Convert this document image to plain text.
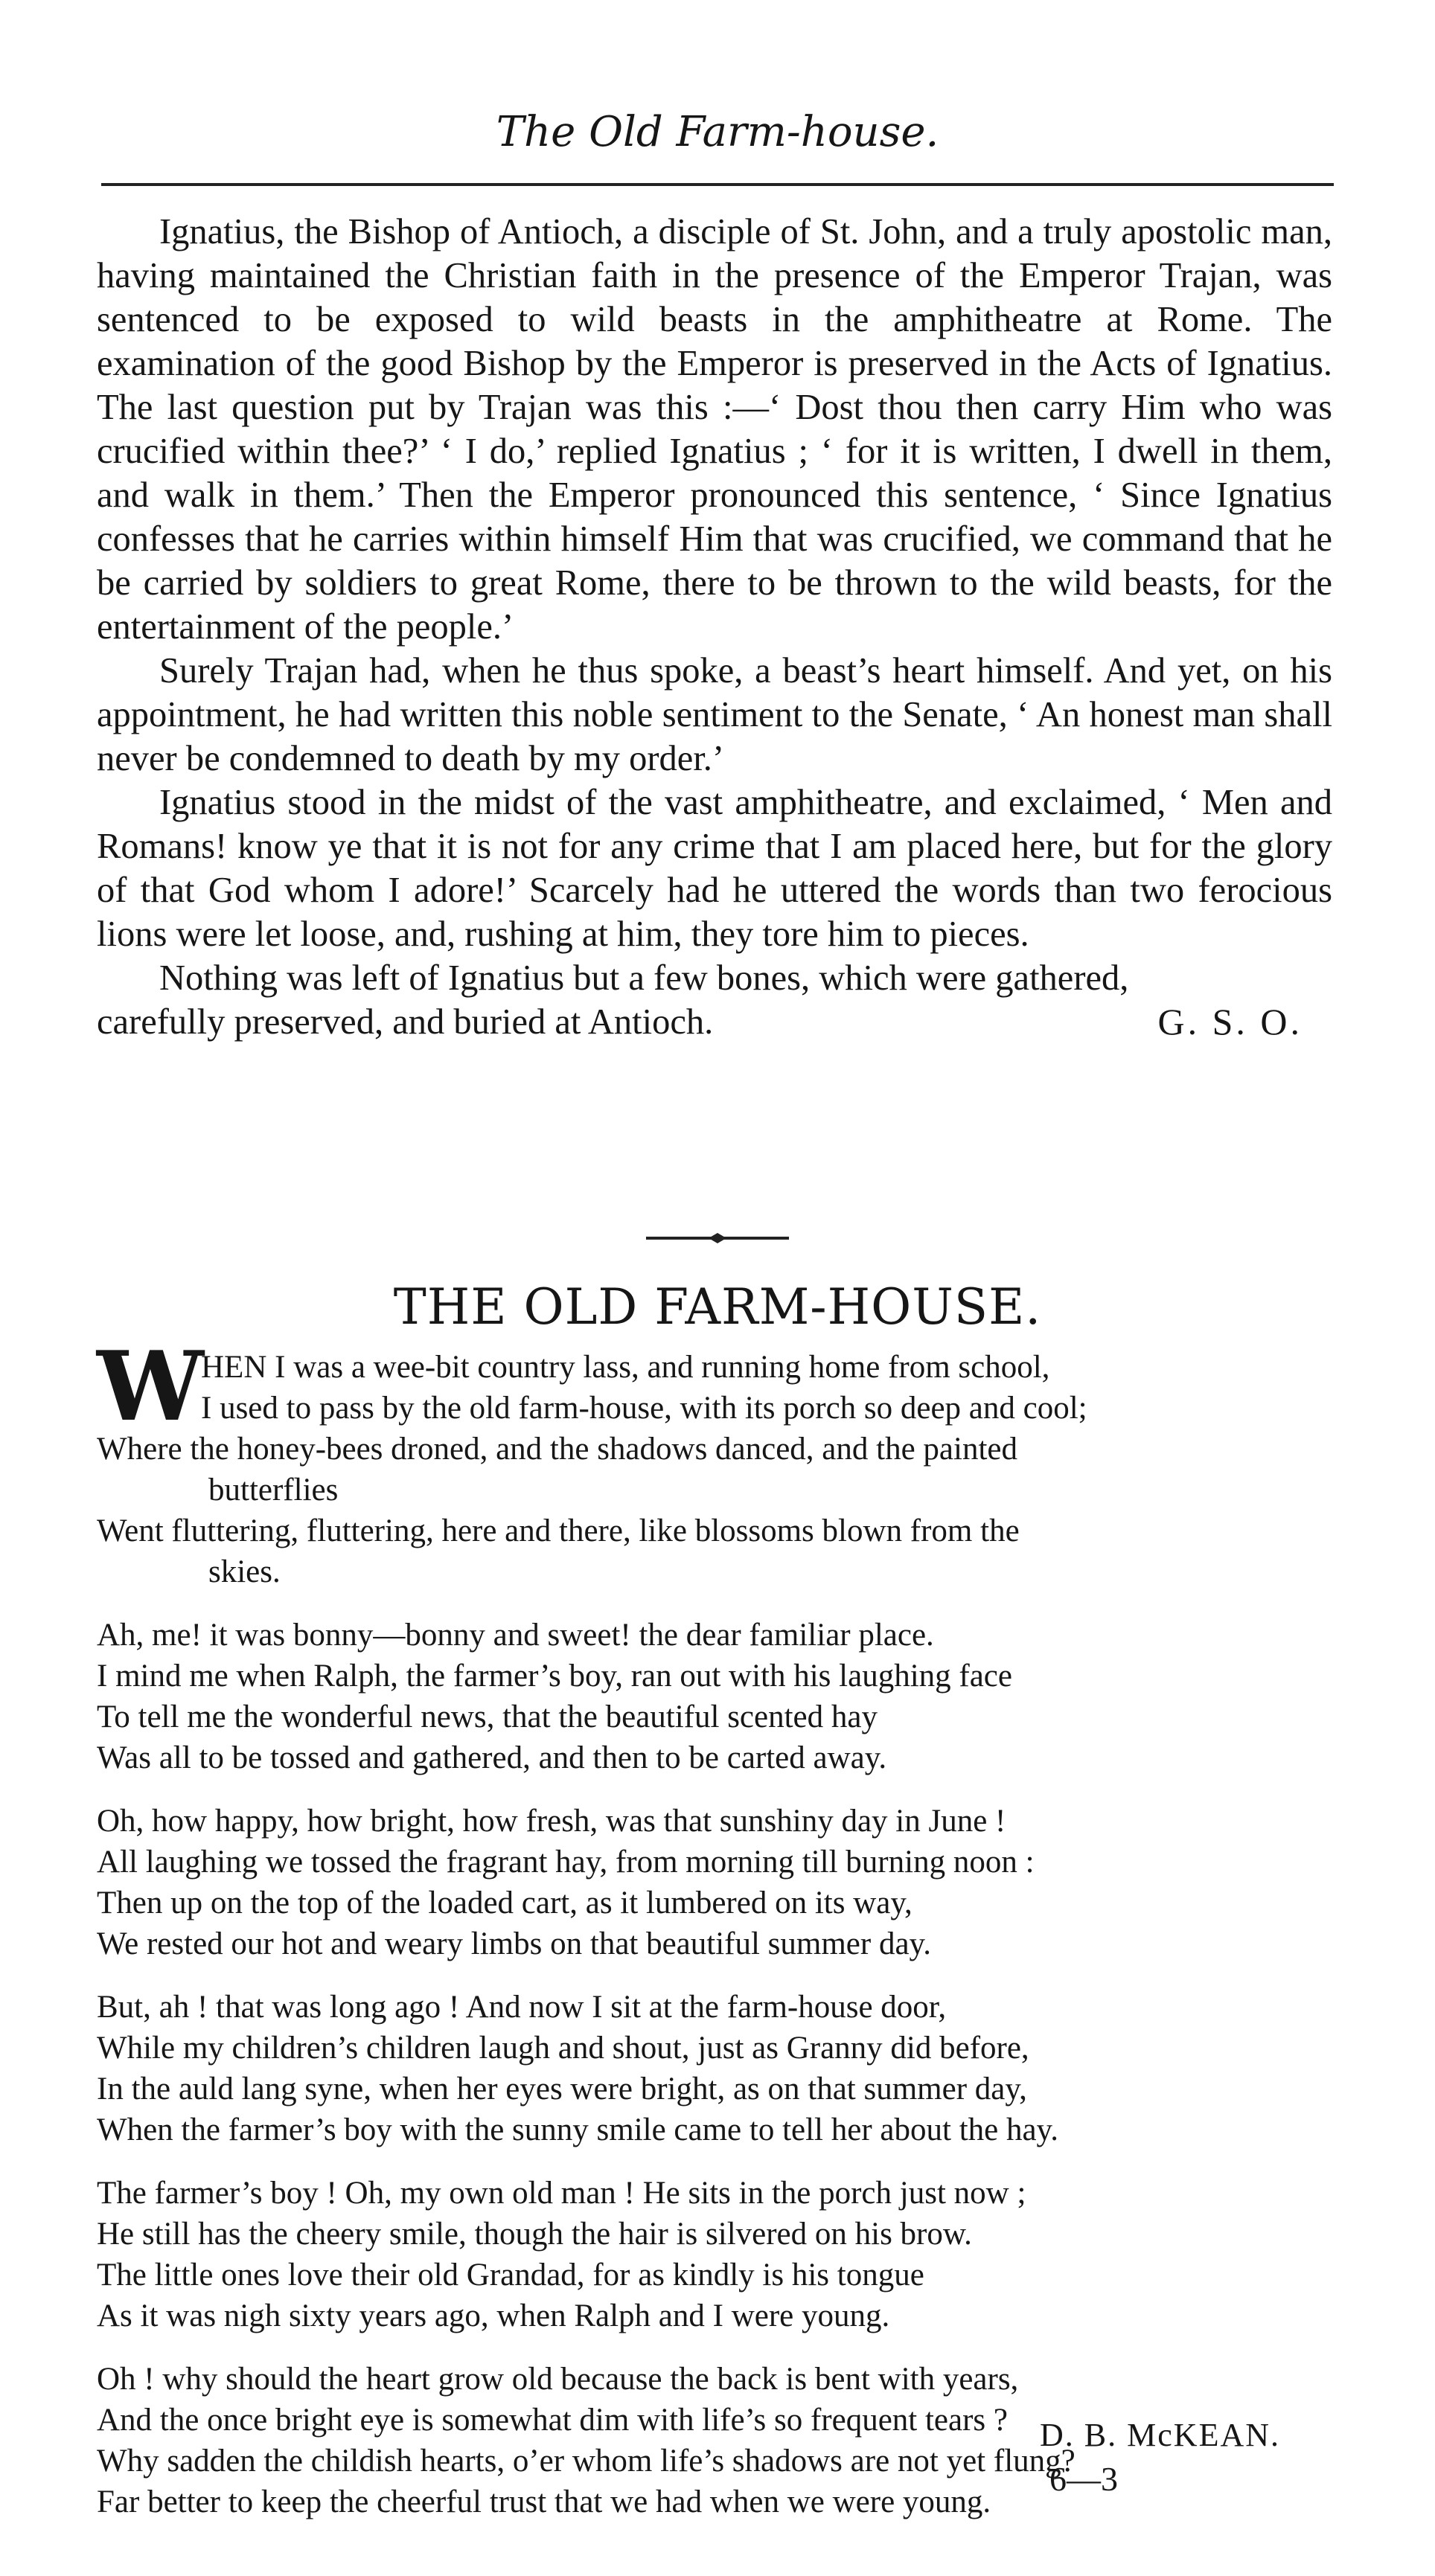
The Old Farm-house.

Ignatius, the Bishop of Antioch, a disciple of St. John, and a truly apostolic man, having maintained the Christian faith in the presence of the Emperor Trajan, was sentenced to be exposed to wild beasts in the amphitheatre at Rome. The examination of the good Bishop by the Emperor is preserved in the Acts of Ignatius. The last question put by Trajan was this :—‘ Dost thou then carry Him who was crucified within thee?’ ‘ I do,’ replied Ignatius ; ‘ for it is written, I dwell in them, and walk in them.’ Then the Emperor pronounced this sentence, ‘ Since Ignatius confesses that he carries within himself Him that was crucified, we command that he be carried by soldiers to great Rome, there to be thrown to the wild beasts, for the entertainment of the people.’

Surely Trajan had, when he thus spoke, a beast’s heart himself. And yet, on his appointment, he had written this noble sentiment to the Senate, ‘ An honest man shall never be condemned to death by my order.’

Ignatius stood in the midst of the vast amphitheatre, and exclaimed, ‘ Men and Romans! know ye that it is not for any crime that I am placed here, but for the glory of that God whom I adore!’ Scarcely had he uttered the words than two ferocious lions were let loose, and, rushing at him, they tore him to pieces.

Nothing was left of Ignatius but a few bones, which were gathered,

carefully preserved, and buried at Antioch.	G. S. O.
THE OLD FARM-HOUSE.
W
HEN I was a wee-bit country lass, and running home from school,
I used to pass by the old farm-house, with its porch so deep and cool;
Where the honey-bees droned, and the shadows danced, and the painted
butterflies
Went fluttering, fluttering, here and there, like blossoms blown from the
skies.
Ah, me! it was bonny—bonny and sweet! the dear familiar place.
I mind me when Ralph, the farmer’s boy, ran out with his laughing face
To tell me the wonderful news, that the beautiful scented hay
Was all to be tossed and gathered, and then to be carted away.
Oh, how happy, how bright, how fresh, was that sunshiny day in June !
All laughing we tossed the fragrant hay, from morning till burning noon :
Then up on the top of the loaded cart, as it lumbered on its way,
We rested our hot and weary limbs on that beautiful summer day.
But, ah ! that was long ago ! And now I sit at the farm-house door,
While my children’s children laugh and shout, just as Granny did before,
In the auld lang syne, when her eyes were bright, as on that summer day,
When the farmer’s boy with the sunny smile came to tell her about the hay.
The farmer’s boy ! Oh, my own old man ! He sits in the porch just now ;
He still has the cheery smile, though the hair is silvered on his brow.
The little ones love their old Grandad, for as kindly is his tongue
As it was nigh sixty years ago, when Ralph and I were young.
Oh ! why should the heart grow old because the back is bent with years,
And the once bright eye is somewhat dim with life’s so frequent tears ?
Why sadden the childish hearts, o’er whom life’s shadows are not yet flung?
Far better to keep the cheerful trust that we had when we were young.
D. B. McKEAN.
6—3
